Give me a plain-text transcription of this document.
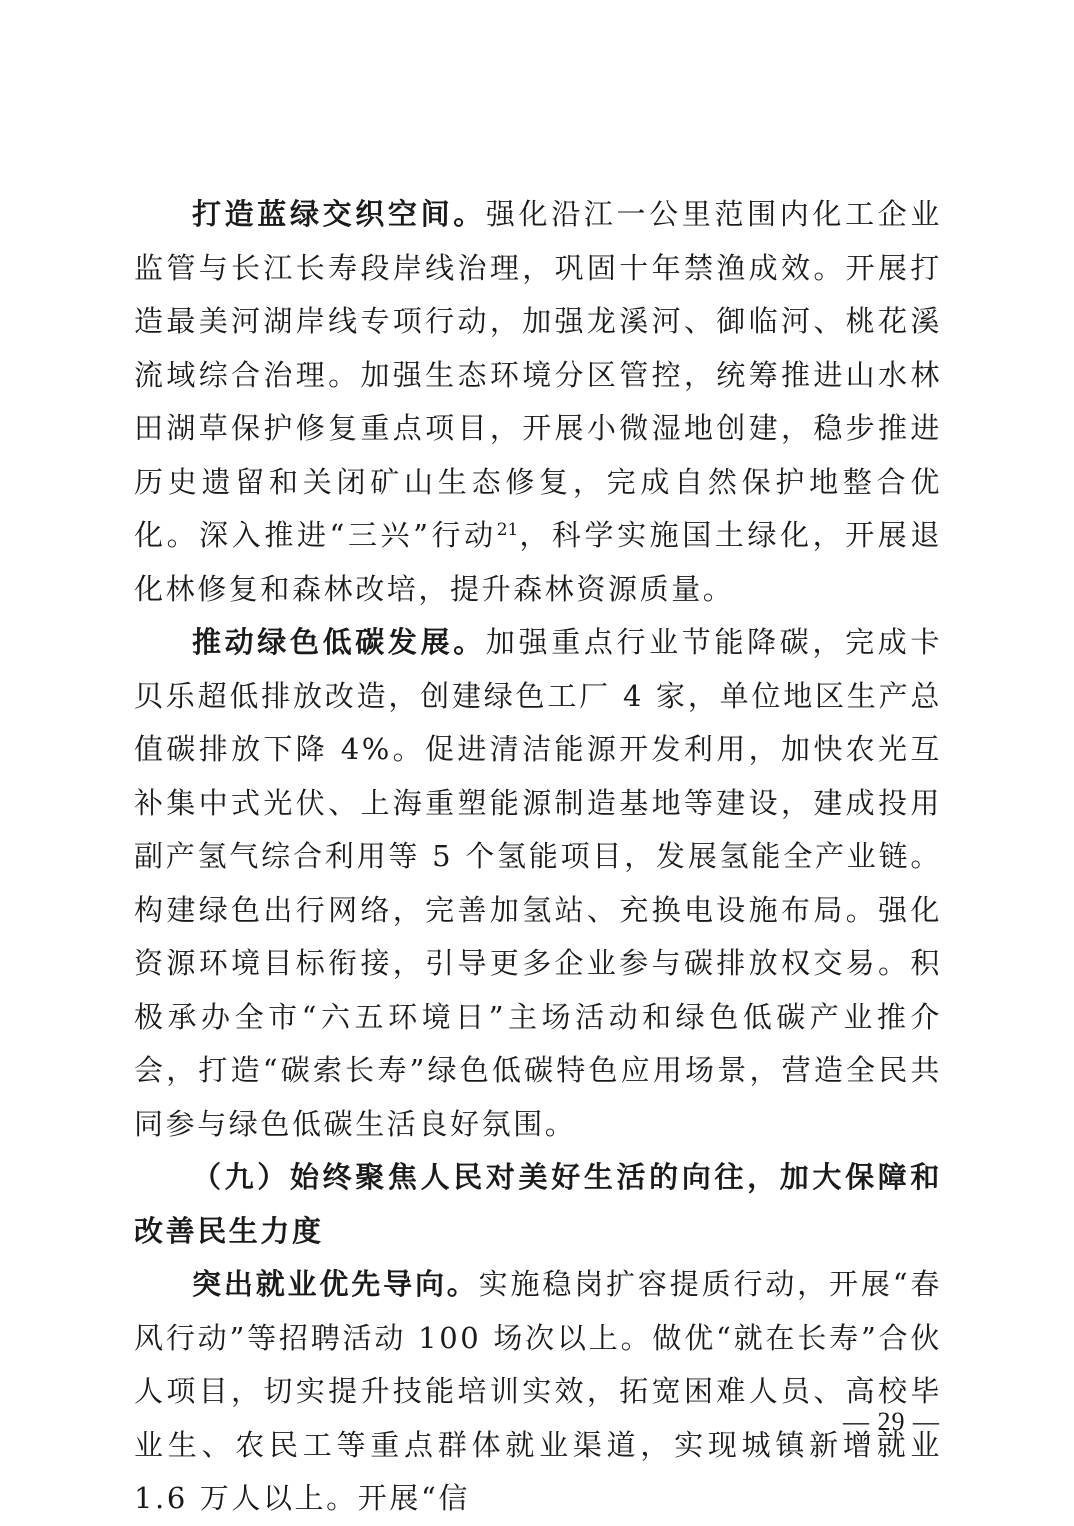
打造蓝绿交织空间。强化沿江一公里范围内化工企业监管与长江长寿段岸线治理，巩固十年禁渔成效。开展打造最美河湖岸线专项行动，加强龙溪河、御临河、桃花溪流域综合治理。加强生态环境分区管控，统筹推进山水林田湖草保护修复重点项目，开展小微湿地创建，稳步推进历史遗留和关闭矿山生态修复，完成自然保护地整合优化。深入推进“三兴”行动$^{21}$，科学实施国土绿化，开展退化林修复和森林改培，提升森林资源质量。

推动绿色低碳发展。加强重点行业节能降碳，完成卡贝乐超低排放改造，创建绿色工厂 4 家，单位地区生产总值碳排放下降 4%。促进清洁能源开发利用，加快农光互补集中式光伏、上海重塑能源制造基地等建设，建成投用副产氢气综合利用等 5 个氢能项目，发展氢能全产业链。构建绿色出行网络，完善加氢站、充换电设施布局。强化资源环境目标衔接，引导更多企业参与碳排放权交易。积极承办全市“六五环境日”主场活动和绿色低碳产业推介会，打造“碳索长寿”绿色低碳特色应用场景，营造全民共同参与绿色低碳生活良好氛围。

（九）始终聚焦人民对美好生活的向往，加大保障和改善民生力度

突出就业优先导向。实施稳岗扩容提质行动，开展“春风行动”等招聘活动 100 场次以上。做优“就在长寿”合伙人项目，切实提升技能培训实效，拓宽困难人员、高校毕业生、农民工等重点群体就业渠道，实现城镇新增就业 1.6 万人以上。开展“信

— 29 —
